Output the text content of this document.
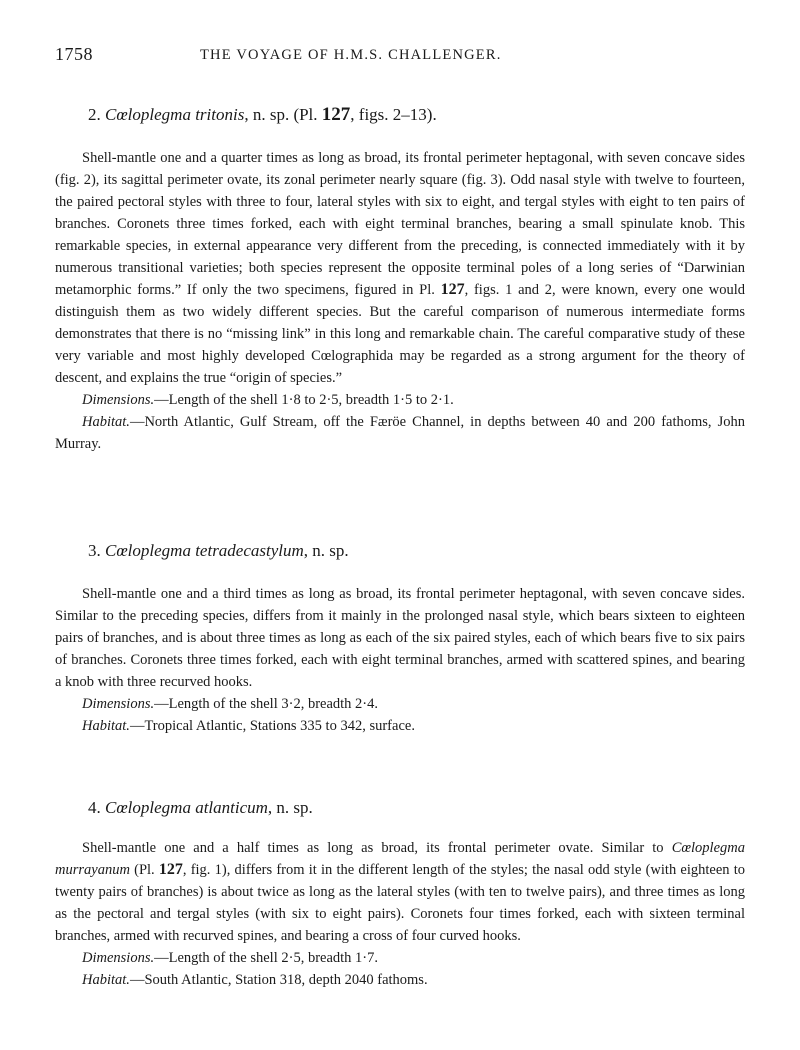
1758	THE VOYAGE OF H.M.S. CHALLENGER.

2. Cœloplegma tritonis, n. sp. (Pl. 127, figs. 2–13).

Shell-mantle one and a quarter times as long as broad, its frontal perimeter heptagonal, with seven concave sides (fig. 2), its sagittal perimeter ovate, its zonal perimeter nearly square (fig. 3). Odd nasal style with twelve to fourteen, the paired pectoral styles with three to four, lateral styles with six to eight, and tergal styles with eight to ten pairs of branches. Coronets three times forked, each with eight terminal branches, bearing a small spinulate knob. This remarkable species, in external appearance very different from the preceding, is connected immediately with it by numerous transitional varieties; both species represent the opposite terminal poles of a long series of “Darwinian metamorphic forms.” If only the two specimens, figured in Pl. 127, figs. 1 and 2, were known, every one would distinguish them as two widely different species. But the careful comparison of numerous intermediate forms demonstrates that there is no “missing link” in this long and remarkable chain. The careful comparative study of these very variable and most highly developed Cœlographida may be regarded as a strong argument for the theory of descent, and explains the true “origin of species.”

Dimensions.—Length of the shell 1·8 to 2·5, breadth 1·5 to 2·1.

Habitat.—North Atlantic, Gulf Stream, off the Færöe Channel, in depths between 40 and 200 fathoms, John Murray.

3. Cœloplegma tetradecastylum, n. sp.

Shell-mantle one and a third times as long as broad, its frontal perimeter heptagonal, with seven concave sides. Similar to the preceding species, differs from it mainly in the prolonged nasal style, which bears sixteen to eighteen pairs of branches, and is about three times as long as each of the six paired styles, each of which bears five to six pairs of branches. Coronets three times forked, each with eight terminal branches, armed with scattered spines, and bearing a knob with three recurved hooks.

Dimensions.—Length of the shell 3·2, breadth 2·4.

Habitat.—Tropical Atlantic, Stations 335 to 342, surface.

4. Cœloplegma atlanticum, n. sp.

Shell-mantle one and a half times as long as broad, its frontal perimeter ovate. Similar to Cœloplegma murrayanum (Pl. 127, fig. 1), differs from it in the different length of the styles; the nasal odd style (with eighteen to twenty pairs of branches) is about twice as long as the lateral styles (with ten to twelve pairs), and three times as long as the pectoral and tergal styles (with six to eight pairs). Coronets four times forked, each with sixteen terminal branches, armed with recurved spines, and bearing a cross of four curved hooks.

Dimensions.—Length of the shell 2·5, breadth 1·7.

Habitat.—South Atlantic, Station 318, depth 2040 fathoms.
